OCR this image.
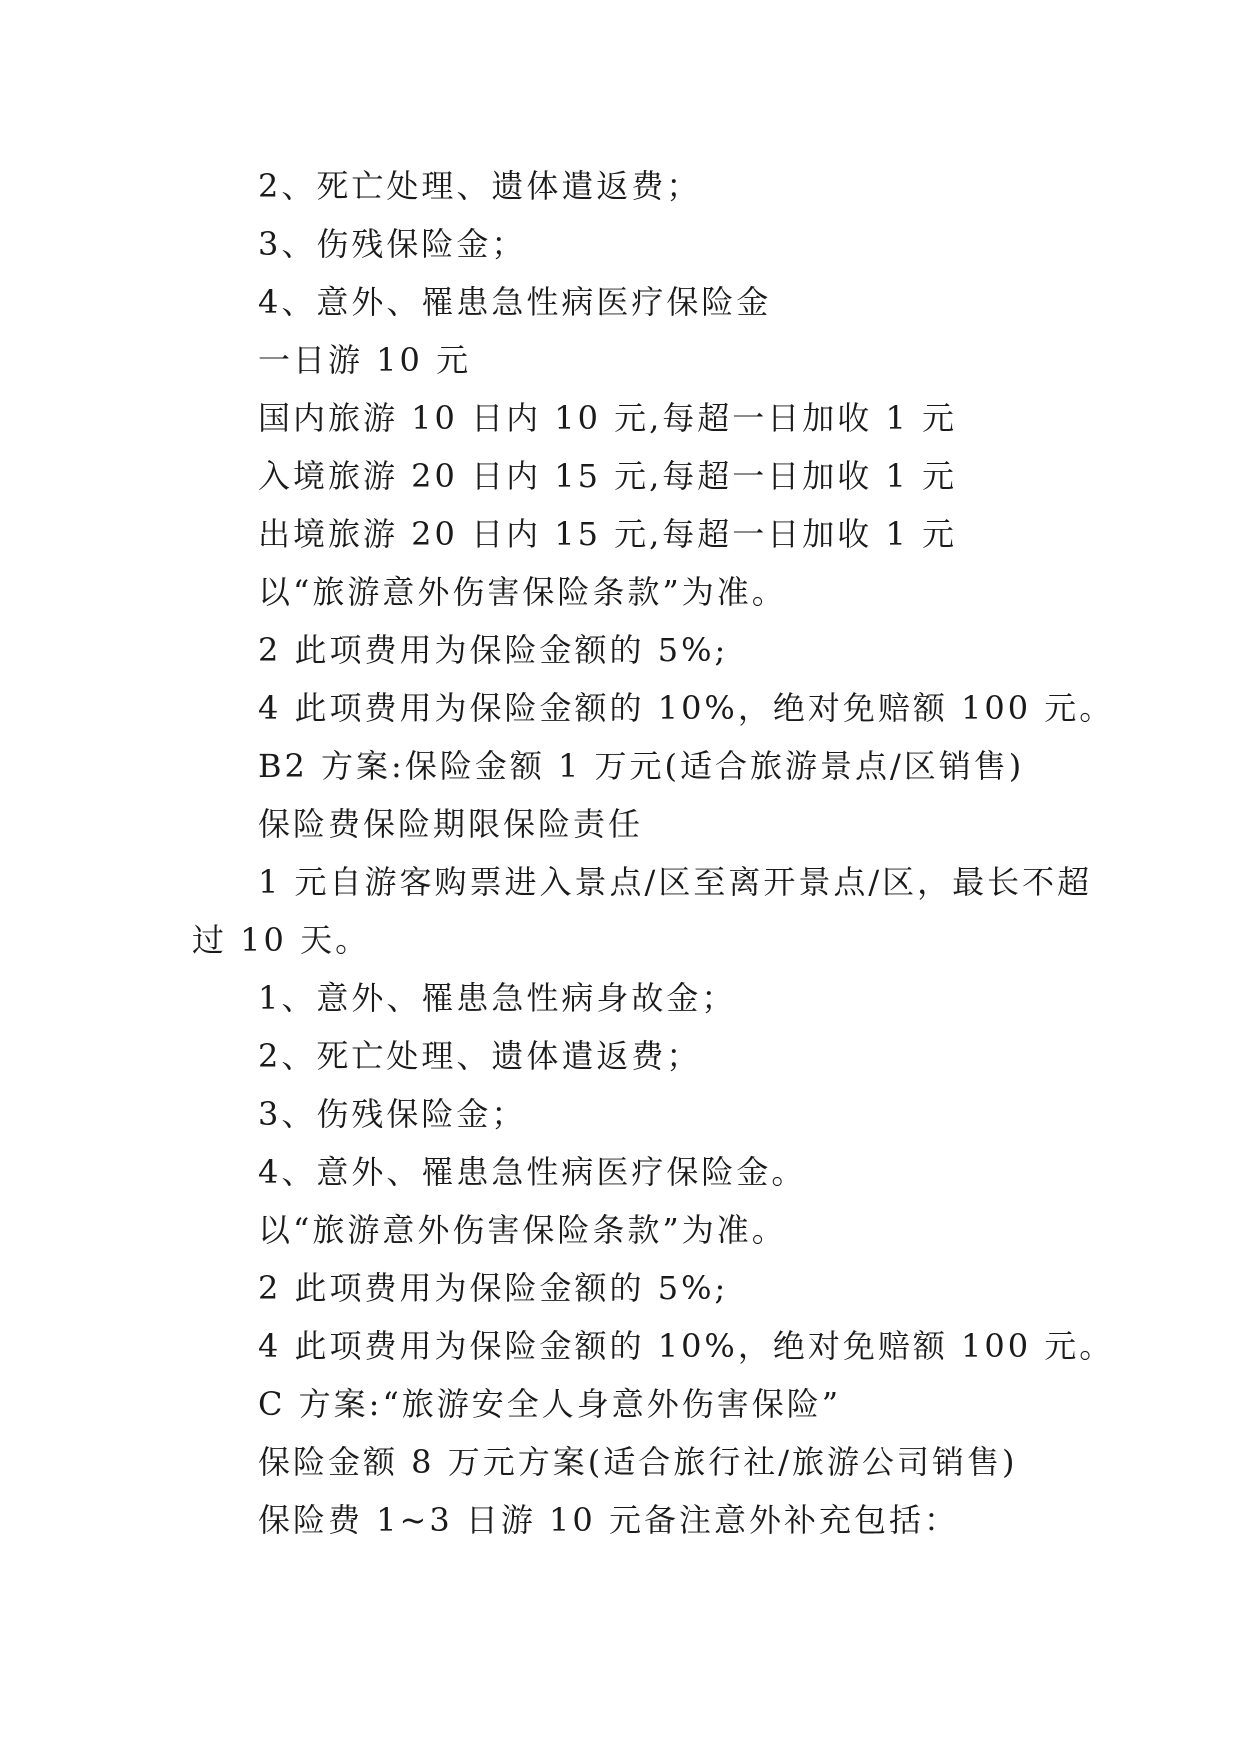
2、死亡处理、遗体遣返费；
3、伤残保险金；
4、意外、罹患急性病医疗保险金
一日游 10 元
国内旅游 10 日内 10 元,每超一日加收 1 元
入境旅游 20 日内 15 元,每超一日加收 1 元
出境旅游 20 日内 15 元,每超一日加收 1 元
以“旅游意外伤害保险条款”为准。
2 此项费用为保险金额的 5%;
4 此项费用为保险金额的 10%，绝对免赔额 100 元。
B2 方案:保险金额 1 万元(适合旅游景点/区销售)
保险费保险期限保险责任
1 元自游客购票进入景点/区至离开景点/区，最长不超
过 10 天。
1、意外、罹患急性病身故金；
2、死亡处理、遗体遣返费；
3、伤残保险金；
4、意外、罹患急性病医疗保险金。
以“旅游意外伤害保险条款”为准。
2 此项费用为保险金额的 5%;
4 此项费用为保险金额的 10%，绝对免赔额 100 元。
C 方案:“旅游安全人身意外伤害保险”
保险金额 8 万元方案(适合旅行社/旅游公司销售)
保险费 1~3 日游 10 元备注意外补充包括：
